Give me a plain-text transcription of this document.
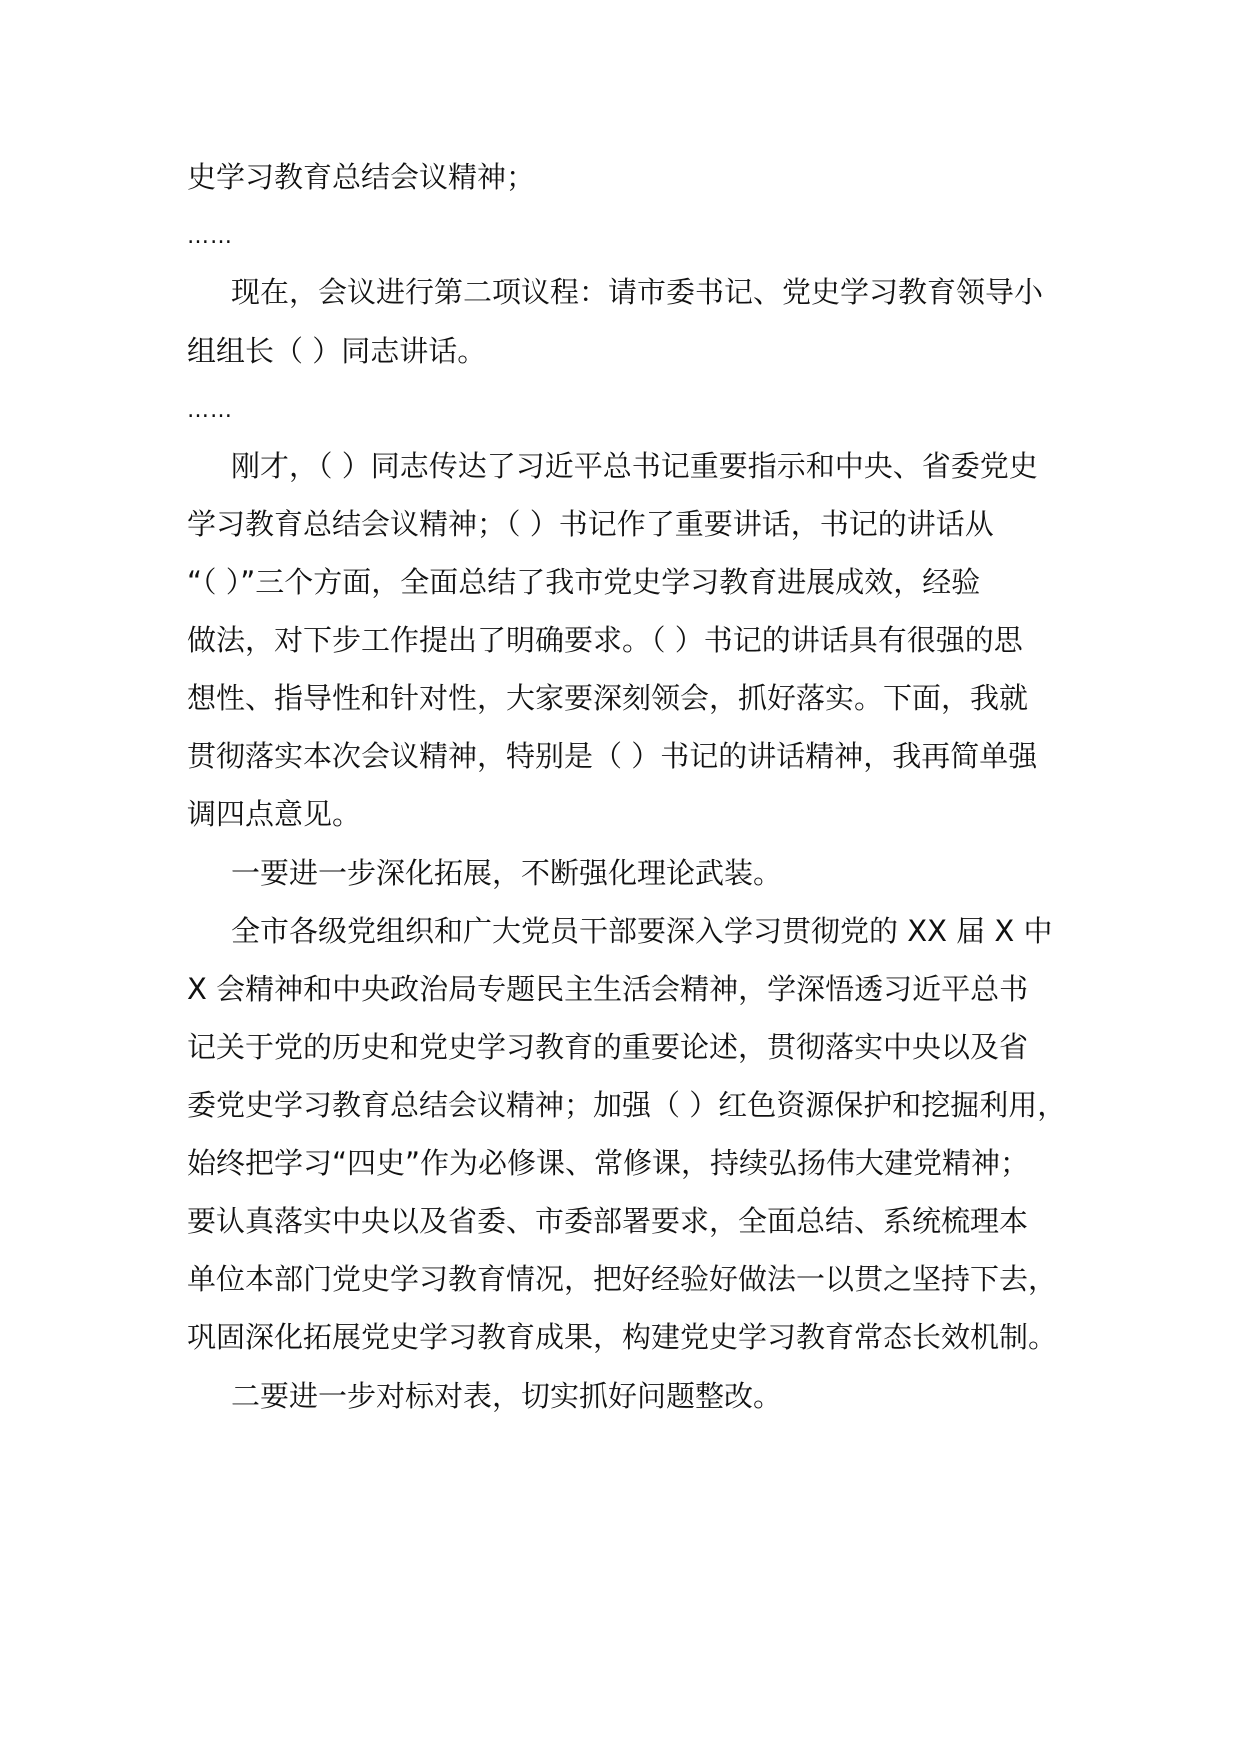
史学习教育总结会议精神；
……
现在，会议进行第二项议程：请市委书记、党史学习教育领导小
组组长（ ）同志讲话。
……
刚才，（ ）同志传达了习近平总书记重要指示和中央、省委党史
学习教育总结会议精神；（ ）书记作了重要讲话，书记的讲话从
“（ ）”三个方面，全面总结了我市党史学习教育进展成效，经验
做法，对下步工作提出了明确要求。（ ）书记的讲话具有很强的思
想性、指导性和针对性，大家要深刻领会，抓好落实。下面，我就
贯彻落实本次会议精神，特别是（ ）书记的讲话精神，我再简单强
调四点意见。
一要进一步深化拓展，不断强化理论武装。
全市各级党组织和广大党员干部要深入学习贯彻党的 XX 届 X 中
X 会精神和中央政治局专题民主生活会精神，学深悟透习近平总书
记关于党的历史和党史学习教育的重要论述，贯彻落实中央以及省
委党史学习教育总结会议精神；加强（ ）红色资源保护和挖掘利用，
始终把学习“四史”作为必修课、常修课，持续弘扬伟大建党精神；
要认真落实中央以及省委、市委部署要求，全面总结、系统梳理本
单位本部门党史学习教育情况，把好经验好做法一以贯之坚持下去，
巩固深化拓展党史学习教育成果，构建党史学习教育常态长效机制。
二要进一步对标对表，切实抓好问题整改。
